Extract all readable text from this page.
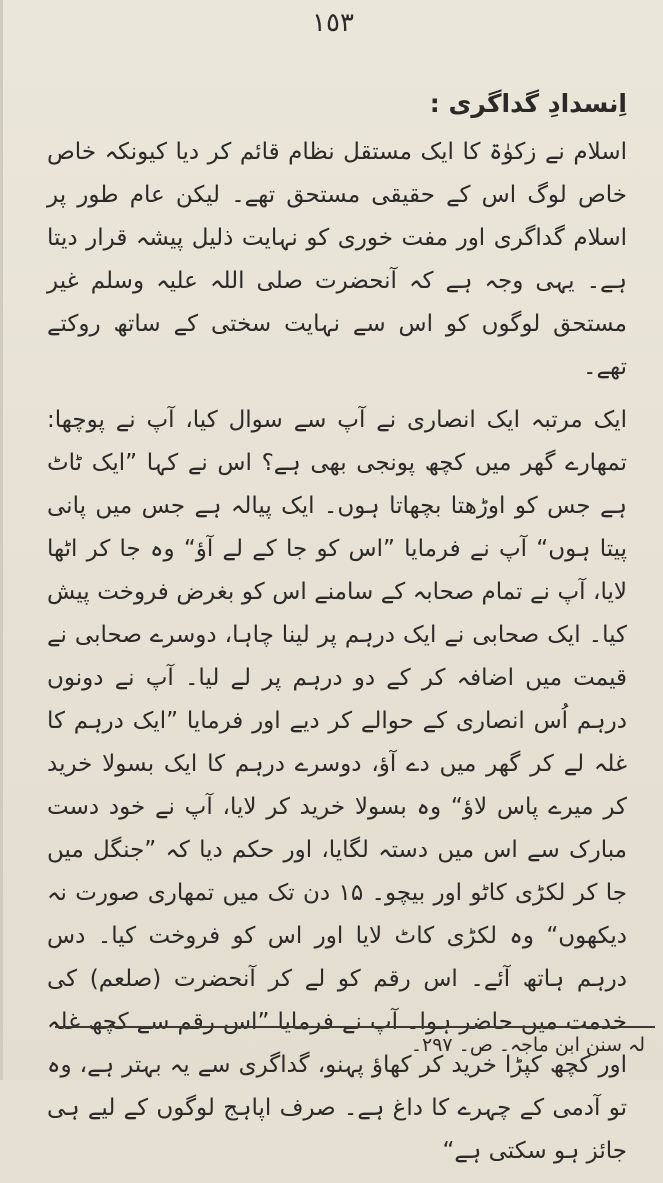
١٥٣
اِنسدادِ گداگری :

اسلام نے زکوٰۃ کا ایک مستقل نظام قائم کر دیا کیونکہ خاص خاص لوگ اس کے حقیقی مستحق تھے۔ لیکن عام طور پر اسلام گداگری اور مفت خوری کو نہایت ذلیل پیشہ قرار دیتا ہے۔ یہی وجہ ہے کہ آنحضرت صلی اللہ علیہ وسلم غیر مستحق لوگوں کو اس سے نہایت سختی کے ساتھ روکتے تھے۔

ایک مرتبہ ایک انصاری نے آپ سے سوال کیا، آپ نے پوچھا: تمھارے گھر میں کچھ پونجی بھی ہے؟ اس نے کہا ”ایک ٹاٹ ہے جس کو اوڑھتا بچھاتا ہوں۔ ایک پیالہ ہے جس میں پانی پیتا ہوں“ آپ نے فرمایا ”اس کو جا کے لے آؤ“ وہ جا کر اٹھا لایا، آپ نے تمام صحابہ کے سامنے اس کو بغرض فروخت پیش کیا۔ ایک صحابی نے ایک درہم پر لینا چاہا، دوسرے صحابی نے قیمت میں اضافہ کر کے دو درہم پر لے لیا۔ آپ نے دونوں درہم اُس انصاری کے حوالے کر دیے اور فرمایا ”ایک درہم کا غلہ لے کر گھر میں دے آؤ، دوسرے درہم کا ایک بسولا خرید کر میرے پاس لاؤ“ وہ بسولا خرید کر لایا، آپ نے خود دست مبارک سے اس میں دستہ لگایا، اور حکم دیا کہ ”جنگل میں جا کر لکڑی کاٹو اور بیچو۔ ۱۵ دن تک میں تمھاری صورت نہ دیکھوں“ وہ لکڑی کاٹ لایا اور اس کو فروخت کیا۔ دس درہم ہاتھ آئے۔ اس رقم کو لے کر آنحضرت (صلعم) کی خدمت میں حاضر ہوا۔ آپ نے فرمایا ”اس رقم سے کچھ غلہ اور کچھ کپڑا خرید کر کھاؤ پہنو، گداگری سے یہ بہتر ہے، وہ تو آدمی کے چہرے کا داغ ہے۔ صرف اپاہج لوگوں کے لیے ہی جائز ہو سکتی ہے“

لہ سنن ابن ماجہ۔ ص۔ ۲۹۷۔
